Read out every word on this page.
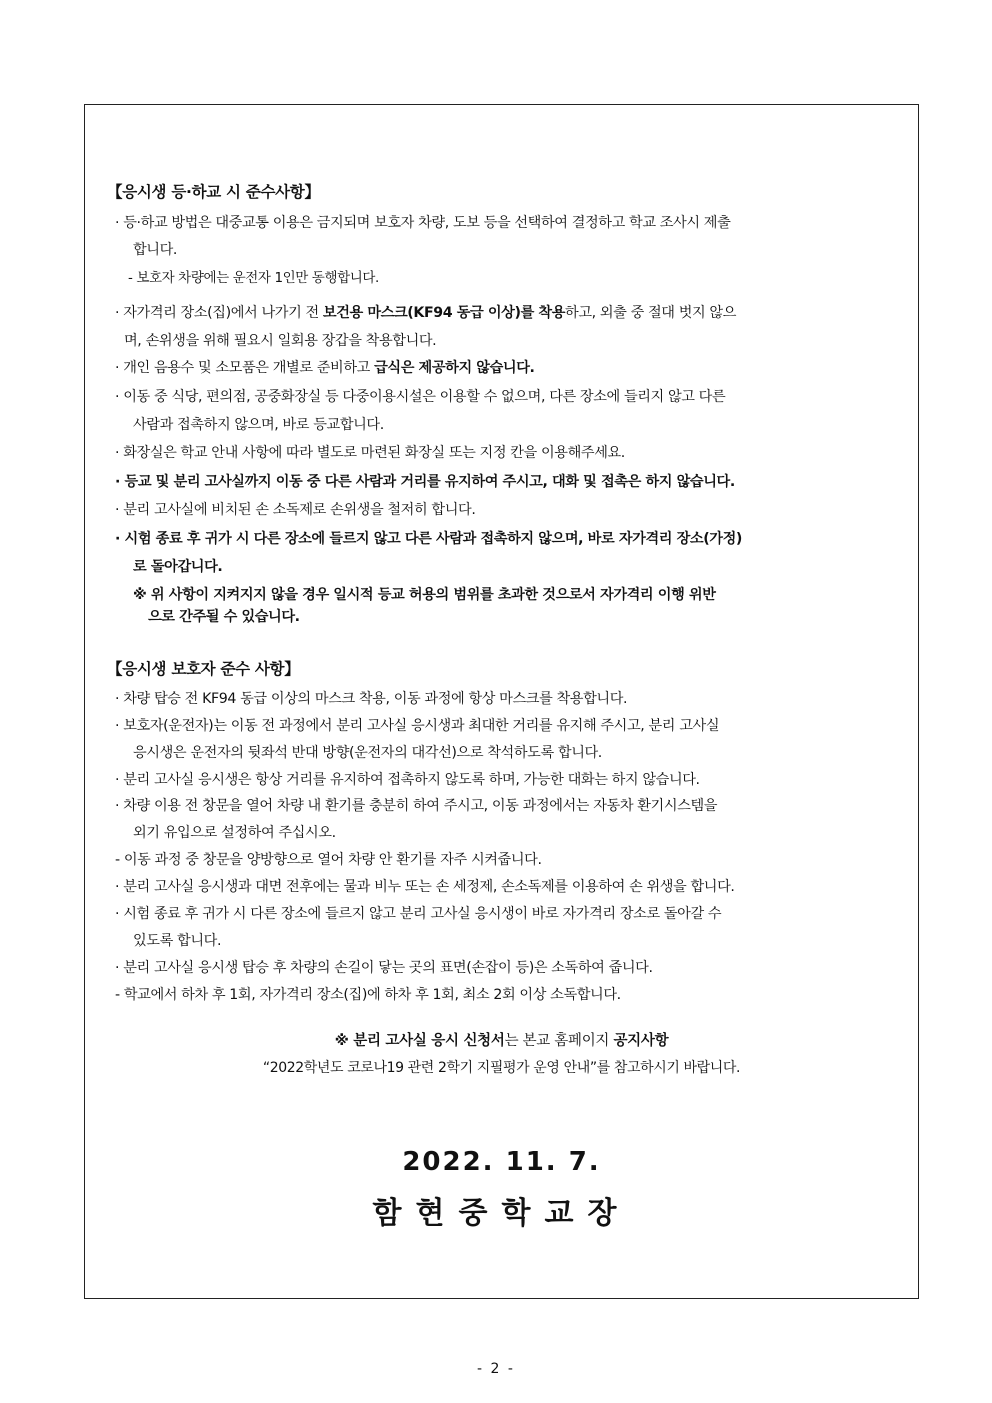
【응시생 등·하교 시 준수사항】
· 등·하교 방법은 대중교통 이용은 금지되며 보호자 차량, 도보 등을 선택하여 결정하고 학교 조사시 제출
합니다.
- 보호자 차량에는 운전자 1인만 동행합니다.
· 자가격리 장소(집)에서 나가기 전 보건용 마스크(KF94 동급 이상)를 착용하고, 외출 중 절대 벗지 않으
며, 손위생을 위해 필요시 일회용 장갑을 착용합니다.
· 개인 음용수 및 소모품은 개별로 준비하고 급식은 제공하지 않습니다.
· 이동 중 식당, 편의점, 공중화장실 등 다중이용시설은 이용할 수 없으며, 다른 장소에 들리지 않고 다른
사람과 접촉하지 않으며, 바로 등교합니다.
· 화장실은 학교 안내 사항에 따라 별도로 마련된 화장실 또는 지정 칸을 이용해주세요.
· 등교 및 분리 고사실까지 이동 중 다른 사람과 거리를 유지하여 주시고, 대화 및 접촉은 하지 않습니다.
· 분리 고사실에 비치된 손 소독제로 손위생을 철저히 합니다.
· 시험 종료 후 귀가 시 다른 장소에 들르지 않고 다른 사람과 접촉하지 않으며, 바로 자가격리 장소(가정)
로 돌아갑니다.
※ 위 사항이 지켜지지 않을 경우 일시적 등교 허용의 범위를 초과한 것으로서 자가격리 이행 위반
으로 간주될 수 있습니다.
【응시생 보호자 준수 사항】
· 차량 탑승 전 KF94 동급 이상의 마스크 착용, 이동 과정에 항상 마스크를 착용합니다.
· 보호자(운전자)는 이동 전 과정에서 분리 고사실 응시생과 최대한 거리를 유지해 주시고, 분리 고사실
응시생은 운전자의 뒷좌석 반대 방향(운전자의 대각선)으로 착석하도록 합니다.
· 분리 고사실 응시생은 항상 거리를 유지하여 접촉하지 않도록 하며, 가능한 대화는 하지 않습니다.
· 차량 이용 전 창문을 열어 차량 내 환기를 충분히 하여 주시고, 이동 과정에서는 자동차 환기시스템을
외기 유입으로 설정하여 주십시오.
- 이동 과정 중 창문을 양방향으로 열어 차량 안 환기를 자주 시켜줍니다.
· 분리 고사실 응시생과 대면 전후에는 물과 비누 또는 손 세정제, 손소독제를 이용하여 손 위생을 합니다.
· 시험 종료 후 귀가 시 다른 장소에 들르지 않고 분리 고사실 응시생이 바로 자가격리 장소로 돌아갈 수
있도록 합니다.
· 분리 고사실 응시생 탑승 후 차량의 손길이 닿는 곳의 표면(손잡이 등)은 소독하여 줍니다.
- 학교에서 하차 후 1회, 자가격리 장소(집)에 하차 후 1회, 최소 2회 이상 소독합니다.
※ 분리 고사실 응시 신청서는 본교 홈페이지 공지사항
“2022학년도 코로나19 관련 2학기 지필평가 운영 안내”를 참고하시기 바랍니다.
2022. 11. 7.
함현중학교장
- 2 -
